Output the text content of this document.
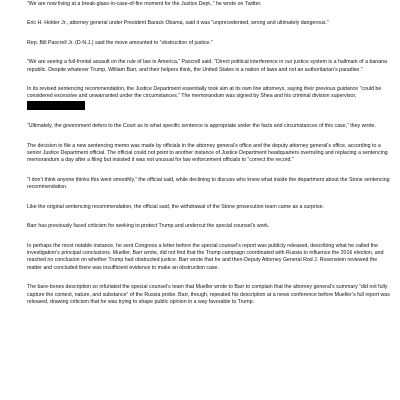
“We are now living at a break-glass-in-case-of-fire moment for the Justice Dept.,” he wrote on Twitter.

Eric H. Holder Jr., attorney general under President Barack Obama, said it was “unprecedented, wrong and ultimately dangerous.”

Rep. Bill Pascrell Jr. (D-N.J.) said the move amounted to “obstruction of justice.”

“We are seeing a full-frontal assault on the rule of law in America,” Pascrell said. “Direct political interference in our justice system is a hallmark of a banana republic. Despite whatever Trump, William Barr, and their helpers think, the United States is a nation of laws and not an authoritarian’s paradise.”

In its revised sentencing recommendation, the Justice Department essentially took aim at its own line attorneys, saying their previous guidance “could be considered excessive and unwarranted under the circumstances.” The memorandum was signed by Shea and his criminal division supervisor,

“Ultimately, the government defers to the Court as to what specific sentence is appropriate under the facts and circumstances of this case,” they wrote.

The decision to file a new sentencing memo was made by officials in the attorney general’s office and the deputy attorney general’s office, according to a senior Justice Department official. The official could not point to another instance of Justice Department headquarters overruling and replacing a sentencing memorandum a day after a filing but insisted it was not unusual for law enforcement officials to “correct the record.”

“I don’t think anyone thinks this went smoothly,” the official said, while declining to discuss who knew what inside the department about the Stone sentencing recommendation.

Like the original sentencing recommendation, the official said, the withdrawal of the Stone prosecution team came as a surprise.

Barr has previously faced criticism for seeking to protect Trump and undercut the special counsel’s work.

In perhaps the most notable instance, he sent Congress a letter before the special counsel’s report was publicly released, describing what he called the investigation’s principal conclusions. Mueller, Barr wrote, did not find that the Trump campaign coordinated with Russia to influence the 2016 election, and reached no conclusion on whether Trump had obstructed justice. Barr wrote that he and then-Deputy Attorney General Rod J. Rosenstein reviewed the matter and concluded there was insufficient evidence to make an obstruction case.

The bare-bones description so infuriated the special counsel’s team that Mueller wrote to Barr to complain that the attorney general’s summary “did not fully capture the context, nature, and substance” of the Russia probe. Barr, though, repeated his description at a news conference before Mueller’s full report was released, drawing criticism that he was trying to shape public opinion in a way favorable to Trump.
